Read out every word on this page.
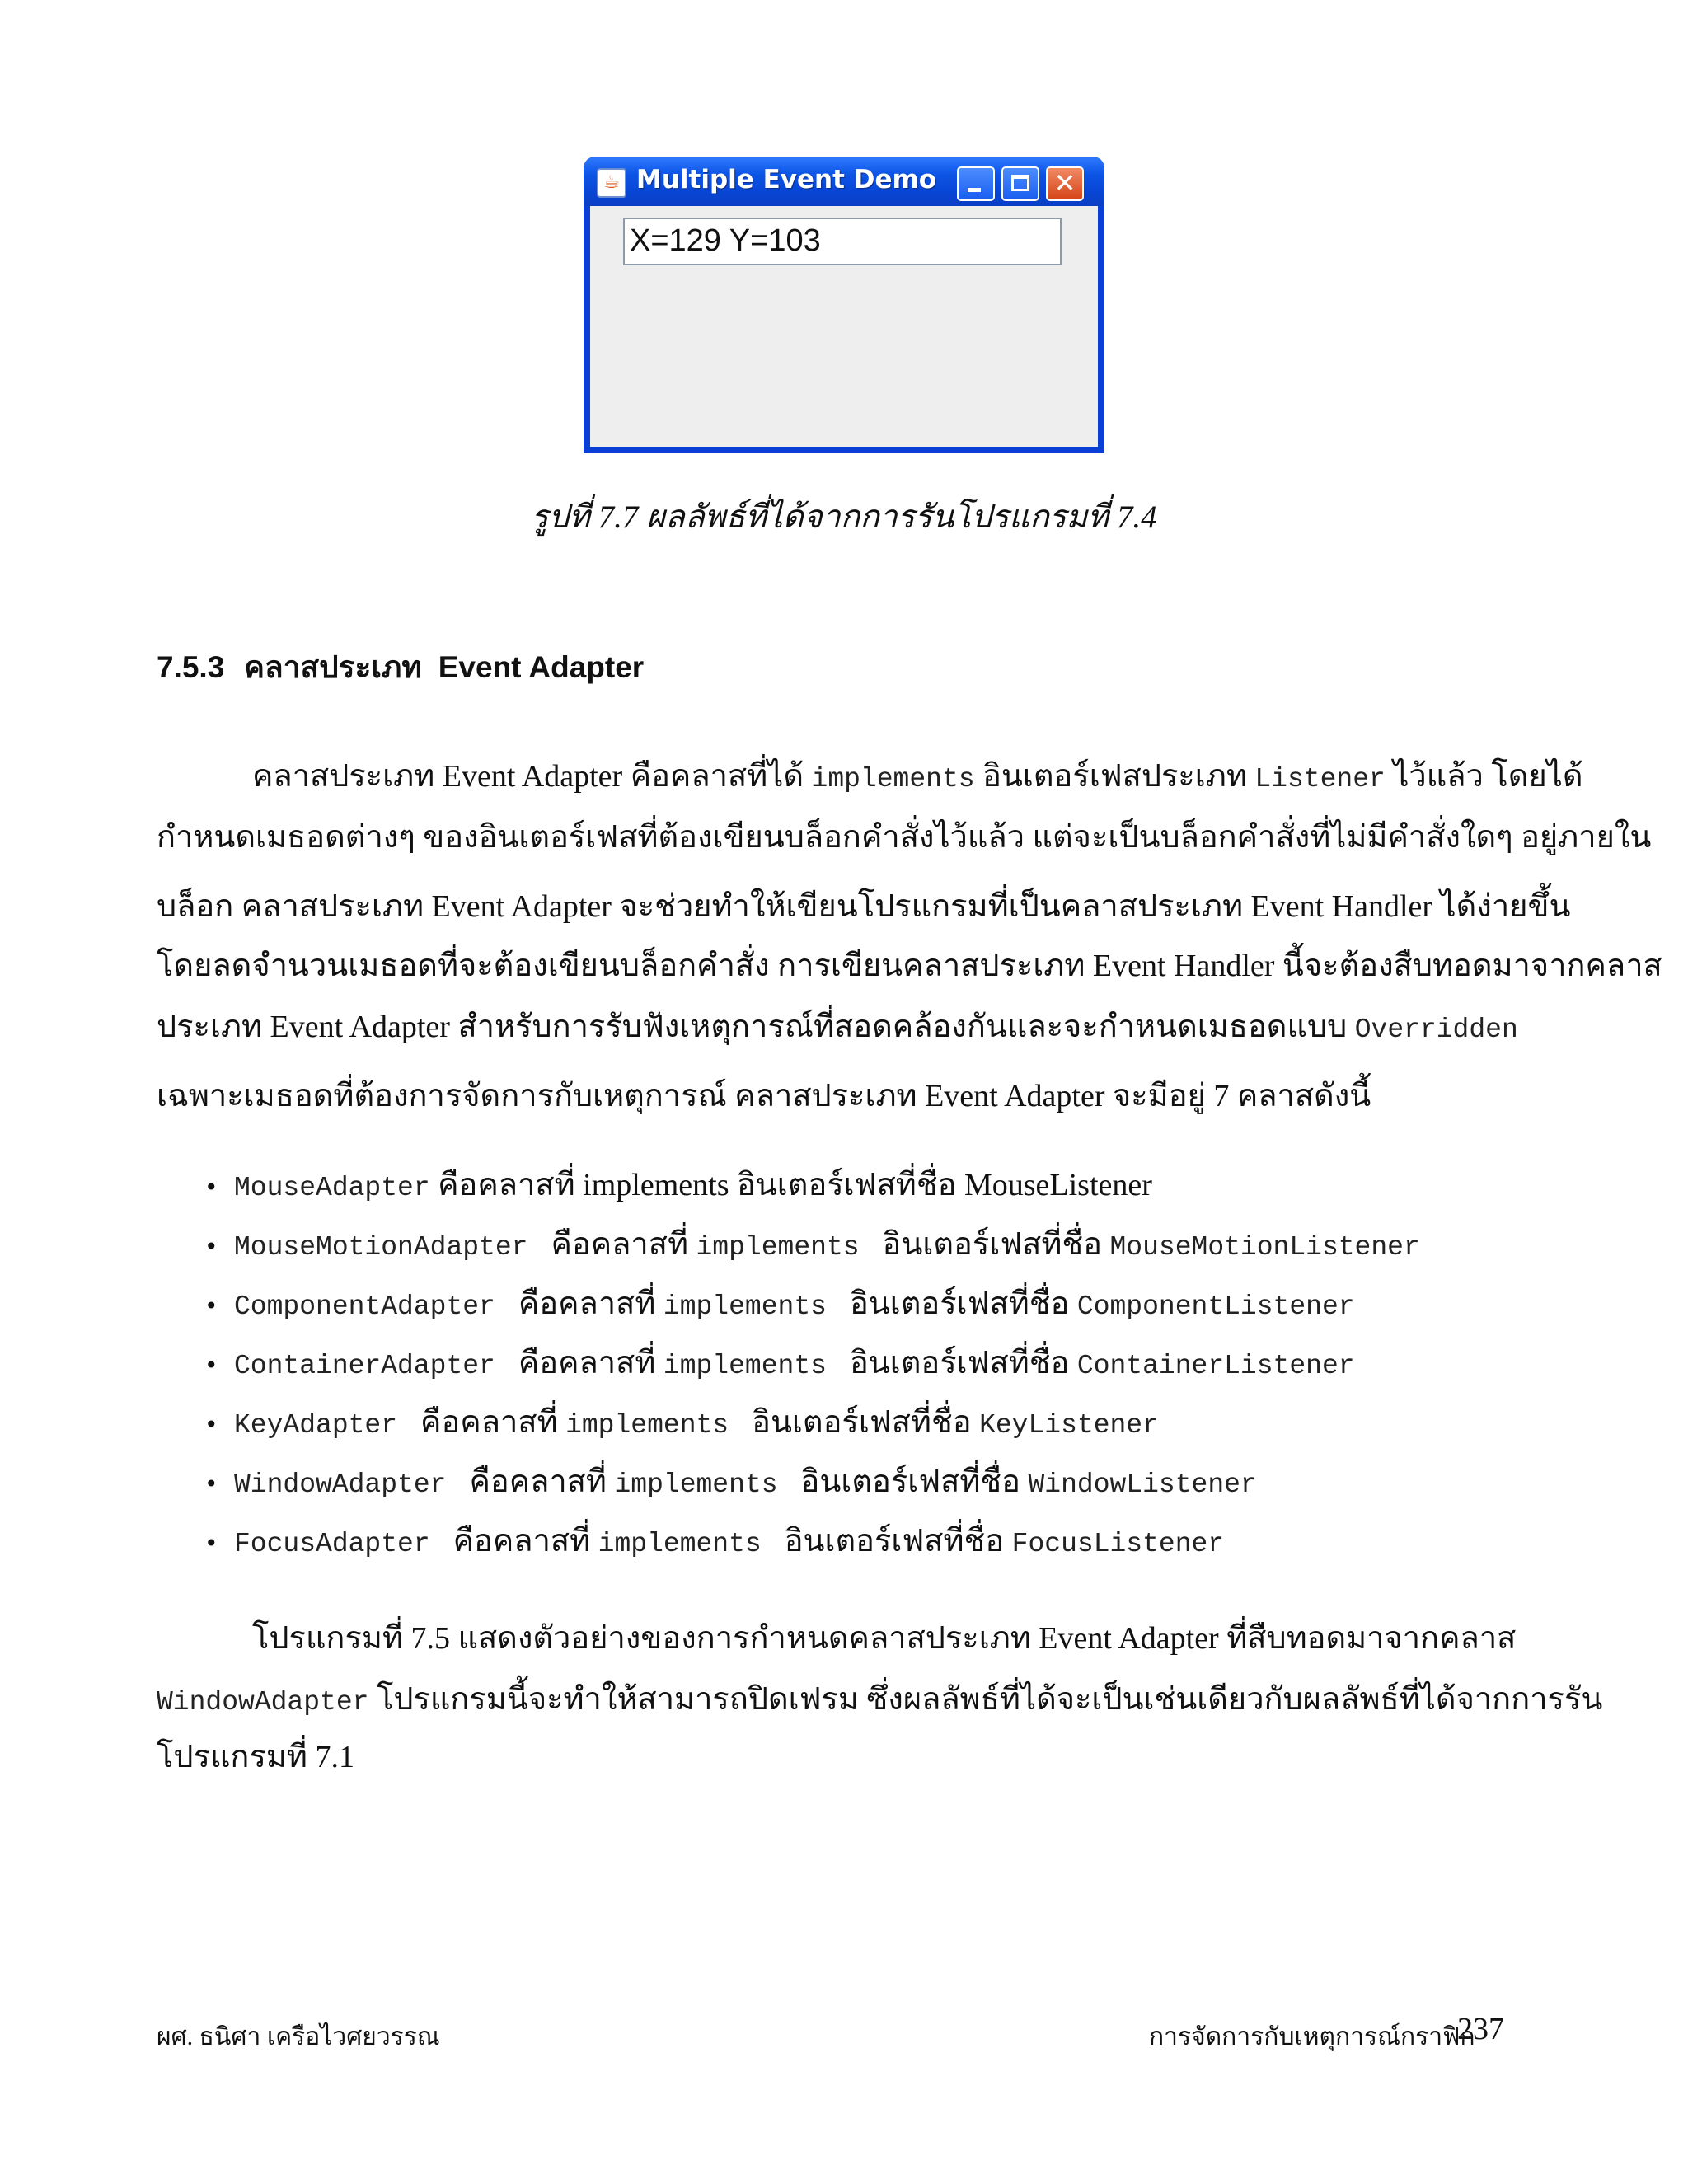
☕ Multiple Event Demo	✕
X=129 Y=103
รูปที่ 7.7 ผลลัพธ์ที่ได้จากการรันโปรแกรมที่ 7.4
7.5.3 คลาสประเภท Event Adapter
คลาสประเภท Event Adapter คือคลาสที่ได้ implements อินเตอร์เฟสประเภท Listener ไว้แล้ว โดยได้
กำหนดเมธอดต่างๆ ของอินเตอร์เฟสที่ต้องเขียนบล็อกคำสั่งไว้แล้ว แต่จะเป็นบล็อกคำสั่งที่ไม่มีคำสั่งใดๆ อยู่ภายใน
บล็อก คลาสประเภท Event Adapter จะช่วยทำให้เขียนโปรแกรมที่เป็นคลาสประเภท Event Handler ได้ง่ายขึ้น
โดยลดจำนวนเมธอดที่จะต้องเขียนบล็อกคำสั่ง การเขียนคลาสประเภท Event Handler นี้จะต้องสืบทอดมาจากคลาส
ประเภท Event Adapter สำหรับการรับฟังเหตุการณ์ที่สอดคล้องกันและจะกำหนดเมธอดแบบ Overridden
เฉพาะเมธอดที่ต้องการจัดการกับเหตุการณ์ คลาสประเภท Event Adapter จะมีอยู่ 7 คลาสดังนี้
• MouseAdapter คือคลาสที่ implements อินเตอร์เฟสที่ชื่อ MouseListener
• MouseMotionAdapter คือคลาสที่ implements อินเตอร์เฟสที่ชื่อ MouseMotionListener
• ComponentAdapter คือคลาสที่ implements อินเตอร์เฟสที่ชื่อ ComponentListener
• ContainerAdapter คือคลาสที่ implements อินเตอร์เฟสที่ชื่อ ContainerListener
• KeyAdapter คือคลาสที่ implements อินเตอร์เฟสที่ชื่อ KeyListener
• WindowAdapter คือคลาสที่ implements อินเตอร์เฟสที่ชื่อ WindowListener
• FocusAdapter คือคลาสที่ implements อินเตอร์เฟสที่ชื่อ FocusListener
โปรแกรมที่ 7.5 แสดงตัวอย่างของการกำหนดคลาสประเภท Event Adapter ที่สืบทอดมาจากคลาส
WindowAdapter โปรแกรมนี้จะทำให้สามารถปิดเฟรม ซึ่งผลลัพธ์ที่ได้จะเป็นเช่นเดียวกับผลลัพธ์ที่ได้จากการรัน
โปรแกรมที่ 7.1
ผศ. ธนิศา เครือไวศยวรรณ	การจัดการกับเหตุการณ์กราฟิก
237
